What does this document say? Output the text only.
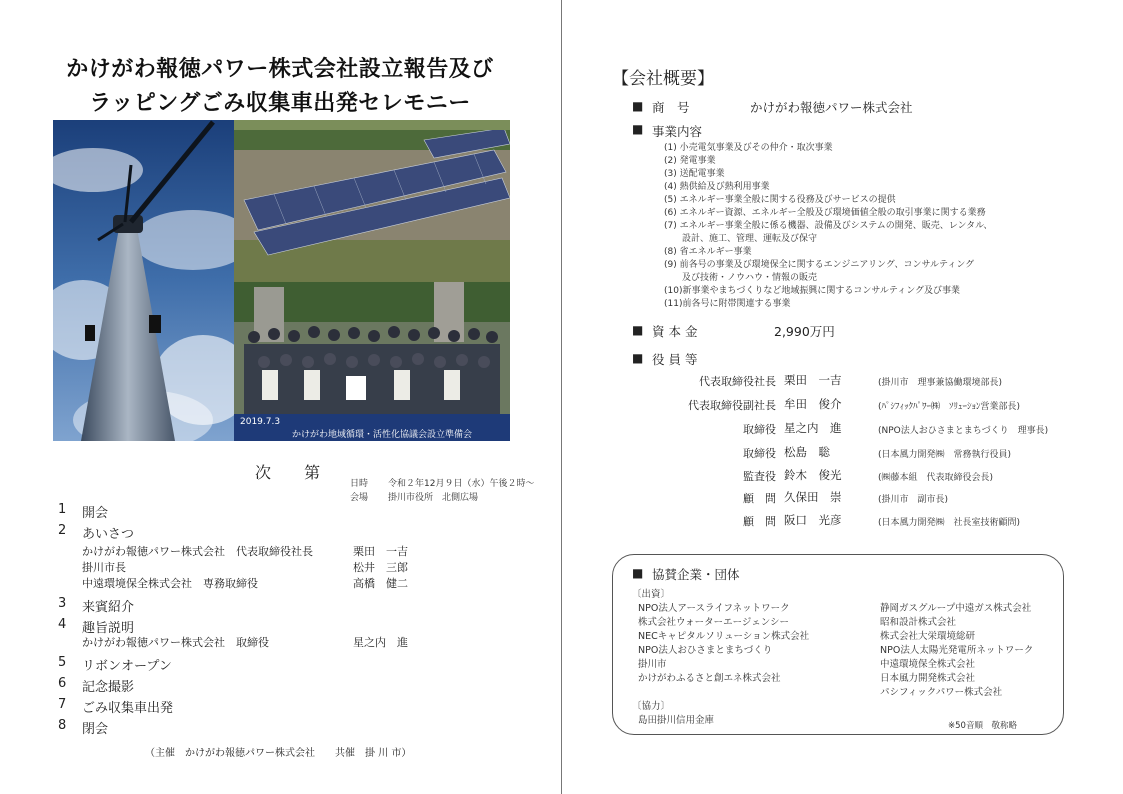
かけがわ報徳パワー株式会社設立報告及び
ラッピングごみ収集車出発セレモニー
2019.7.3
かけがわ地域循環・活性化協議会設立準備会
次 第
日時 令和２年12月９日（水）午後２時～
会場 掛川市役所　北側広場
1 開会
2 あいさつ
かけがわ報徳パワー株式会社　代表取締役社長	栗田　一吉
掛川市長	松井　三郎
中遠環境保全株式会社　専務取締役	高橋　健二
3 来賓紹介
4 趣旨説明
かけがわ報徳パワー株式会社　取締役	星之内　進
5 リボンオープン
6 記念撮影
7 ごみ収集車出発
8 閉会
（主催　かけがわ報徳パワー株式会社　　共催　掛 川 市）
【会社概要】
■ 商　号	かけがわ報徳パワー株式会社
■ 事業内容
(1) 小売電気事業及びその仲介・取次事業
(2) 発電事業
(3) 送配電事業
(4) 熱供給及び熱利用事業
(5) エネルギー事業全般に関する役務及びサービスの提供
(6) エネルギー資源、エネルギー全般及び環境価値全般の取引事業に関する業務
(7) エネルギー事業全般に係る機器、設備及びシステムの開発、販売、レンタル、
　　設計、施工、管理、運転及び保守
(8) 省エネルギー事業
(9) 前各号の事業及び環境保全に関するエンジニアリング、コンサルティング
　　及び技術・ノウハウ・情報の販売
(10)新事業やまちづくりなど地域振興に関するコンサルティング及び事業
(11)前各号に附帯関連する事業
■ 資 本 金	2,990万円
■ 役 員 等
代表取締役社長 栗田　一吉	(掛川市　理事兼協働環境部長)
代表取締役副社長 牟田　俊介	(ﾊﾟｼﾌｨｯｸﾊﾟﾜｰ㈱　ｿﾘｭｰｼｮﾝ営業部長)
取締役 星之内　進	(NPO法人おひさまとまちづくり　理事長)
取締役 松島　聡	(日本風力開発㈱　常務執行役員)
監査役 鈴木　俊光	(㈱藤本組　代表取締役会長)
顧　問 久保田　崇	(掛川市　副市長)
顧　問 阪口　光彦	(日本風力開発㈱　社長室技術顧問)
■ 協賛企業・団体
〔出資〕
NPO法人アースライフネットワーク
株式会社ウォーターエージェンシー
NECキャピタルソリューション株式会社
NPO法人おひさまとまちづくり
掛川市
かけがわふるさと創エネ株式会社
静岡ガスグループ中遠ガス株式会社
昭和設計株式会社
株式会社大栄環境総研
NPO法人太陽光発電所ネットワーク
中遠環境保全株式会社
日本風力開発株式会社
パシフィックパワー株式会社
〔協力〕
島田掛川信用金庫	※50音順　敬称略
